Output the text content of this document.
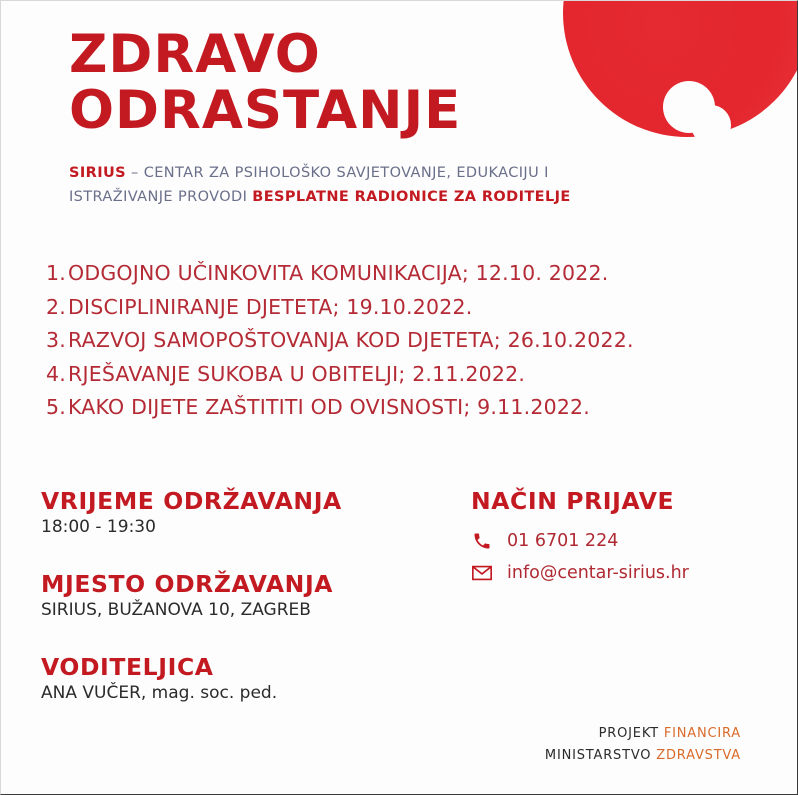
ZDRAVO
ODRASTANJE
SIRIUS – CENTAR ZA PSIHOLOŠKO SAVJETOVANJE, EDUKACIJU I
ISTRAŽIVANJE PROVODI BESPLATNE RADIONICE ZA RODITELJE
1.ODGOJNO UČINKOVITA KOMUNIKACIJA; 12.10. 2022.
2.DISCIPLINIRANJE DJETETA; 19.10.2022.
3.RAZVOJ SAMOPOŠTOVANJA KOD DJETETA; 26.10.2022.
4.RJEŠAVANJE SUKOBA U OBITELJI; 2.11.2022.
5.KAKO DIJETE ZAŠTITITI OD OVISNOSTI; 9.11.2022.
VRIJEME ODRŽAVANJA
18:00 - 19:30
MJESTO ODRŽAVANJA
SIRIUS, BUŽANOVA 10, ZAGREB
VODITELJICA
ANA VUČER, mag. soc. ped.
NAČIN PRIJAVE
01 6701 224
info@centar-sirius.hr
PROJEKT FINANCIRA
MINISTARSTVO ZDRAVSTVA
